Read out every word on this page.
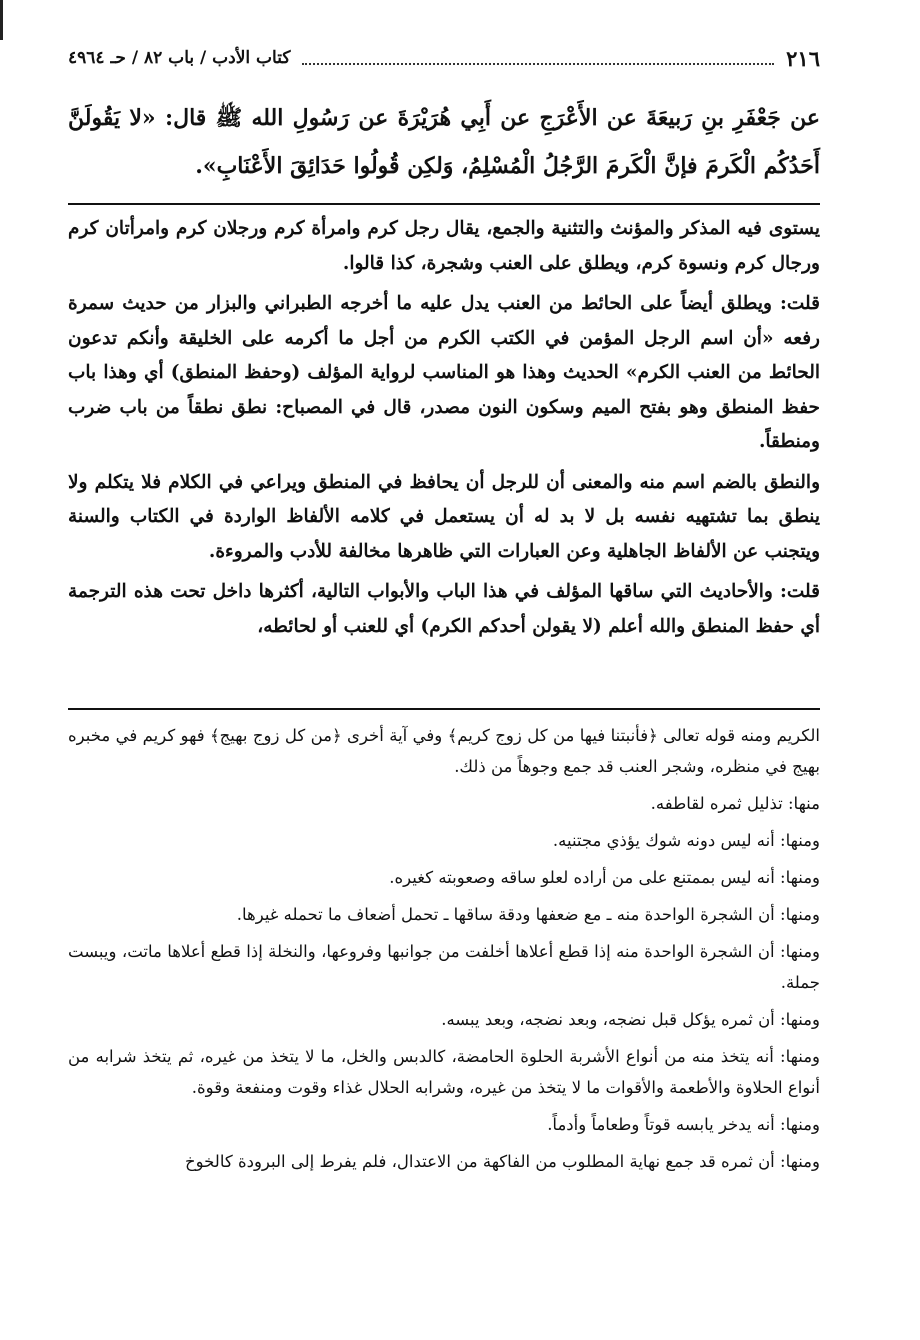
٢١٦
كتاب الأدب / باب ٨٢ / حـ ٤٩٦٤
عن جَعْفَرِ بنِ رَبيعَةَ عن الأَعْرَجِ عن أَبِي هُرَيْرَةَ عن رَسُولِ الله ﷺ قال: «لا يَقُولَنَّ أَحَدُكُم الْكَرمَ فإنَّ الْكَرمَ الرَّجُلُ الْمُسْلِمُ، وَلكِن قُولُوا حَدَائِقَ الأَعْنَابِ».

يستوى فيه المذكر والمؤنث والتثنية والجمع، يقال رجل كرم وامرأة كرم ورجلان كرم وامرأتان كرم ورجال كرم ونسوة كرم، ويطلق على العنب وشجرة، كذا قالوا.

قلت: ويطلق أيضاً على الحائط من العنب يدل عليه ما أخرجه الطبراني والبزار من حديث سمرة رفعه «أن اسم الرجل المؤمن في الكتب الكرم من أجل ما أكرمه على الخليقة وأنكم تدعون الحائط من العنب الكرم» الحديث وهذا هو المناسب لرواية المؤلف (وحفظ المنطق) أي وهذا باب حفظ المنطق وهو بفتح الميم وسكون النون مصدر، قال في المصباح: نطق نطقاً من باب ضرب ومنطقاً.

والنطق بالضم اسم منه والمعنى أن للرجل أن يحافظ في المنطق ويراعي في الكلام فلا يتكلم ولا ينطق بما تشتهيه نفسه بل لا بد له أن يستعمل في كلامه الألفاظ الواردة في الكتاب والسنة ويتجنب عن الألفاظ الجاهلية وعن العبارات التي ظاهرها مخالفة للأدب والمروءة.

قلت: والأحاديث التي ساقها المؤلف في هذا الباب والأبواب التالية، أكثرها داخل تحت هذه الترجمة أي حفظ المنطق والله أعلم (لا يقولن أحدكم الكرم) أي للعنب أو لحائطه،

الكريم ومنه قوله تعالى ﴿فأنبتنا فيها من كل زوج كريم﴾ وفي آية أخرى ﴿من كل زوج بهيج﴾ فهو كريم في مخبره بهيج في منظره، وشجر العنب قد جمع وجوهاً من ذلك.

منها: تذليل ثمره لقاطفه.

ومنها: أنه ليس دونه شوك يؤذي مجتنيه.

ومنها: أنه ليس بممتنع على من أراده لعلو ساقه وصعوبته كغيره.

ومنها: أن الشجرة الواحدة منه ـ مع ضعفها ودقة ساقها ـ تحمل أضعاف ما تحمله غيرها.

ومنها: أن الشجرة الواحدة منه إذا قطع أعلاها أخلفت من جوانبها وفروعها، والنخلة إذا قطع أعلاها ماتت، ويبست جملة.

ومنها: أن ثمره يؤكل قبل نضجه، وبعد نضجه، وبعد يبسه.

ومنها: أنه يتخذ منه من أنواع الأشربة الحلوة الحامضة، كالدبس والخل، ما لا يتخذ من غيره، ثم يتخذ شرابه من أنواع الحلاوة والأطعمة والأقوات ما لا يتخذ من غيره، وشرابه الحلال غذاء وقوت ومنفعة وقوة.

ومنها: أنه يدخر يابسه قوتاً وطعاماً وأدماً.

ومنها: أن ثمره قد جمع نهاية المطلوب من الفاكهة من الاعتدال، فلم يفرط إلى البرودة كالخوخ
